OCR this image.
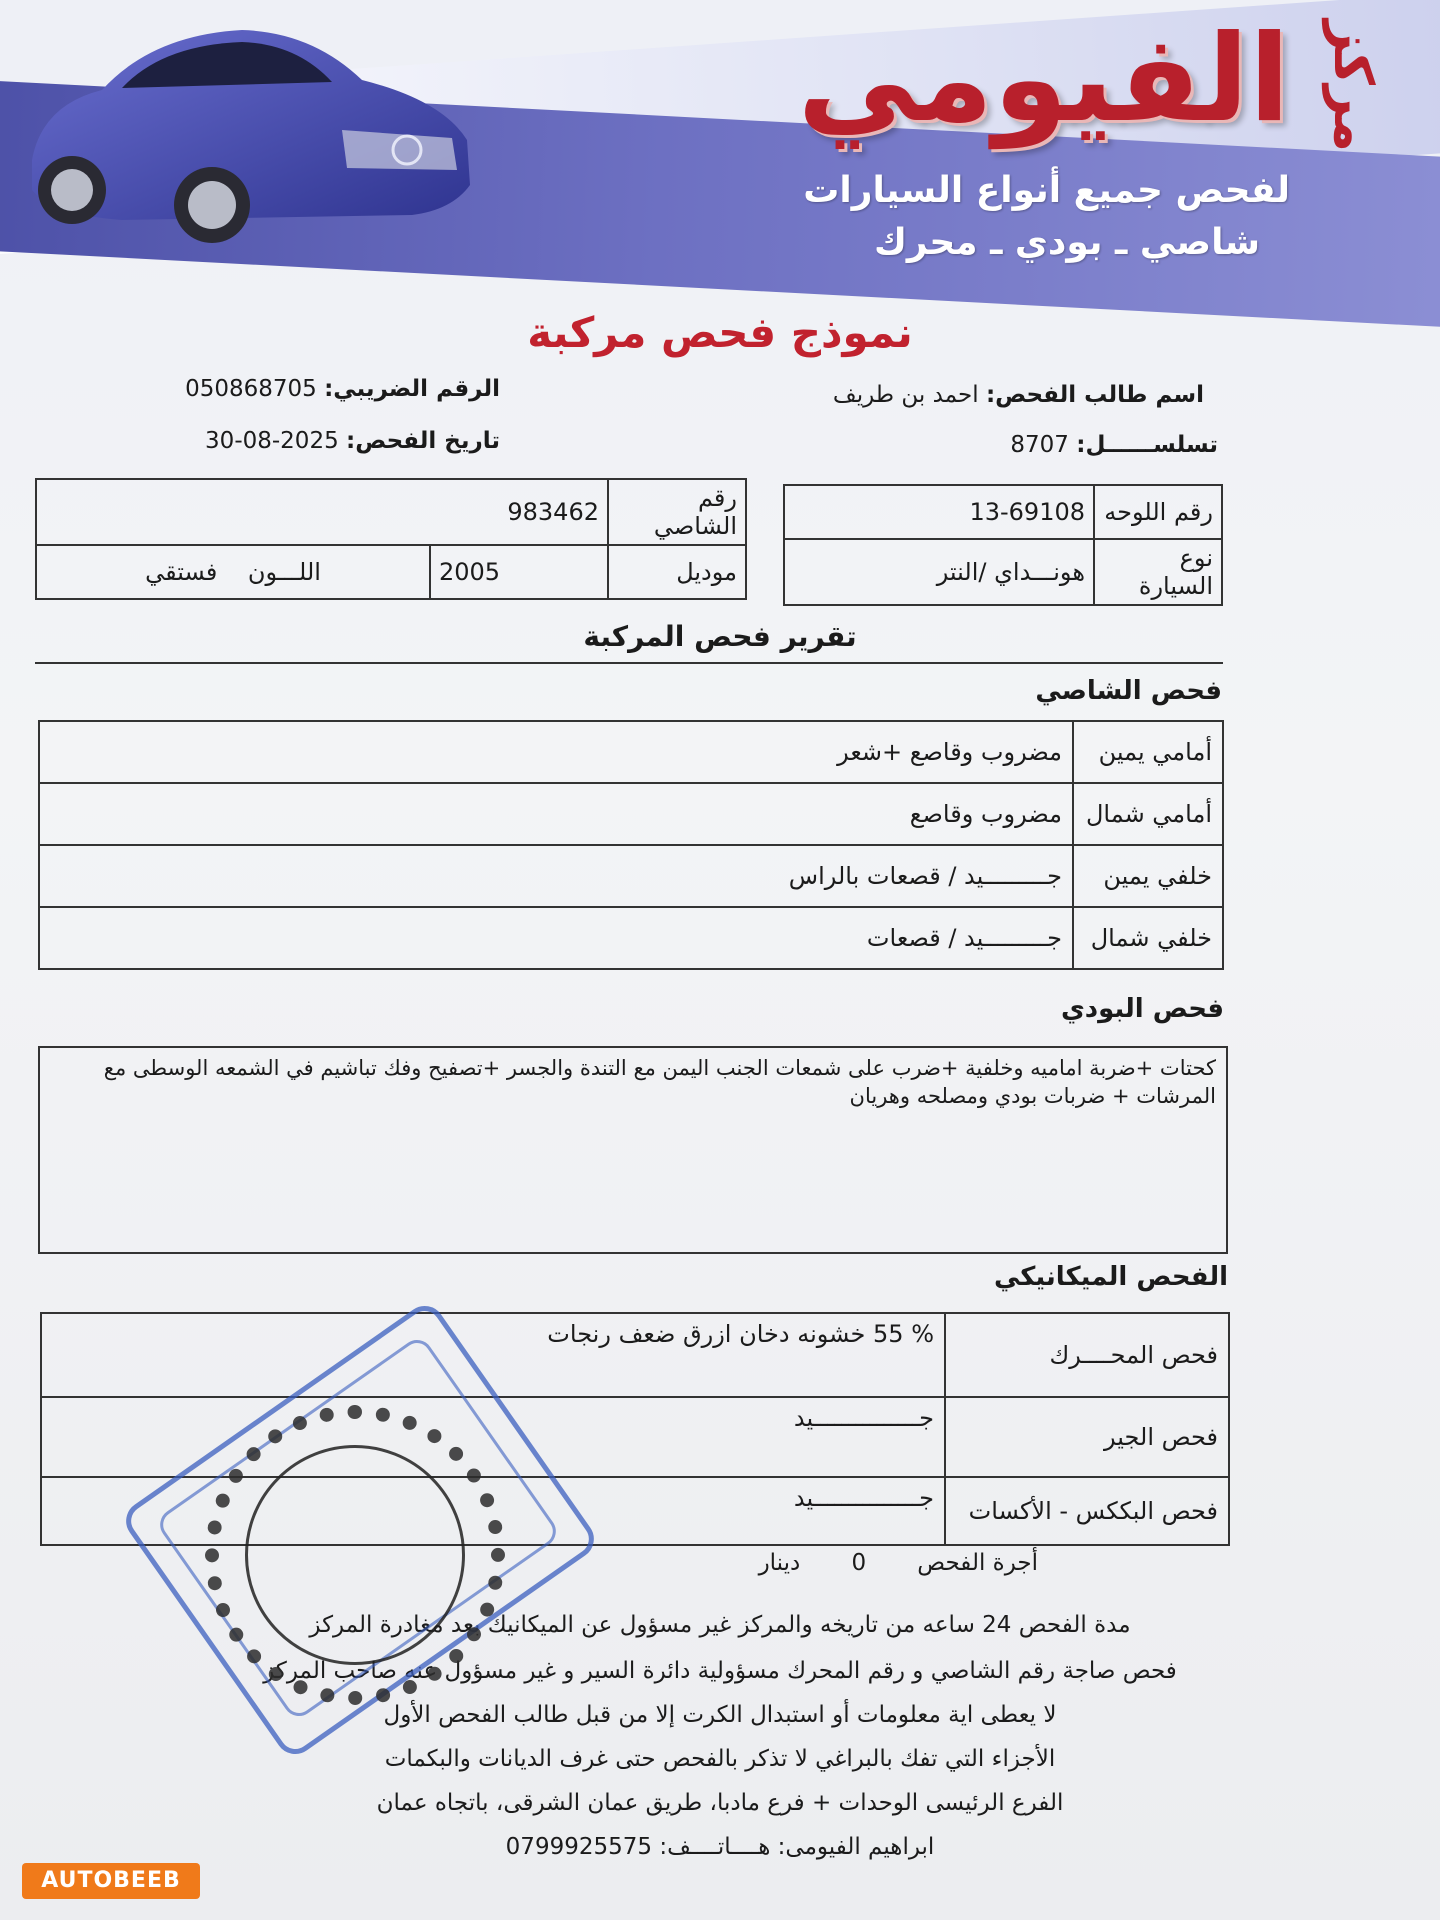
مركز
الفيومي
لفحص جميع أنواع السيارات
شاصي ـ بودي ـ محرك
نموذج فحص مركبة
اسم طالب الفحص: احمد بن طريف
الرقم الضريبي: 050868705
تسلســــــل: 8707
تاريخ الفحص: 30-08-2025
رقم اللوحه	13-69108
نوع السيارة	هونـــداي /النتر
رقم الشاصي	983462	
موديل	2005	اللـــون    فستقي
تقرير فحص المركبة
فحص الشاصي
أمامي يمين	مضروب وقاصع +شعر
أمامي شمال	مضروب وقاصع
خلفي يمين	جـــــــــيد / قصعات بالراس
خلفي شمال	جـــــــــيد / قصعات
فحص البودي
كحتات +ضربة اماميه وخلفية +ضرب على شمعات الجنب اليمن مع التندة والجسر +تصفيح وفك تباشيم في الشمعه الوسطى مع المرشات + ضربات بودي ومصلحه وهريان
الفحص الميكانيكي
فحص المحــــرك	% 55 خشونه دخان ازرق ضعف رنجات
فحص الجير	جـــــــــــــــيد
فحص البككس - الأكسات	جـــــــــــــــيد
أجرة الفحص       0       دينار
مدة الفحص 24 ساعه من تاريخه والمركز غير مسؤول عن الميكانيك بعد مغادرة المركز
فحص صاجة رقم الشاصي و رقم المحرك مسؤولية دائرة السير و غير مسؤول عنه صاحب المركز
لا يعطى اية معلومات أو استبدال الكرت إلا من قبل طالب الفحص الأول
الأجزاء التي تفك بالبراغي لا تذكر بالفحص حتى غرف الديانات والبكمات
الفرع الرئيسى الوحدات + فرع مادبا، طريق عمان الشرقى، باتجاه عمان
ابراهيم الفيومى: هــــاتــــف: 0799925575
AUTOBEEB
